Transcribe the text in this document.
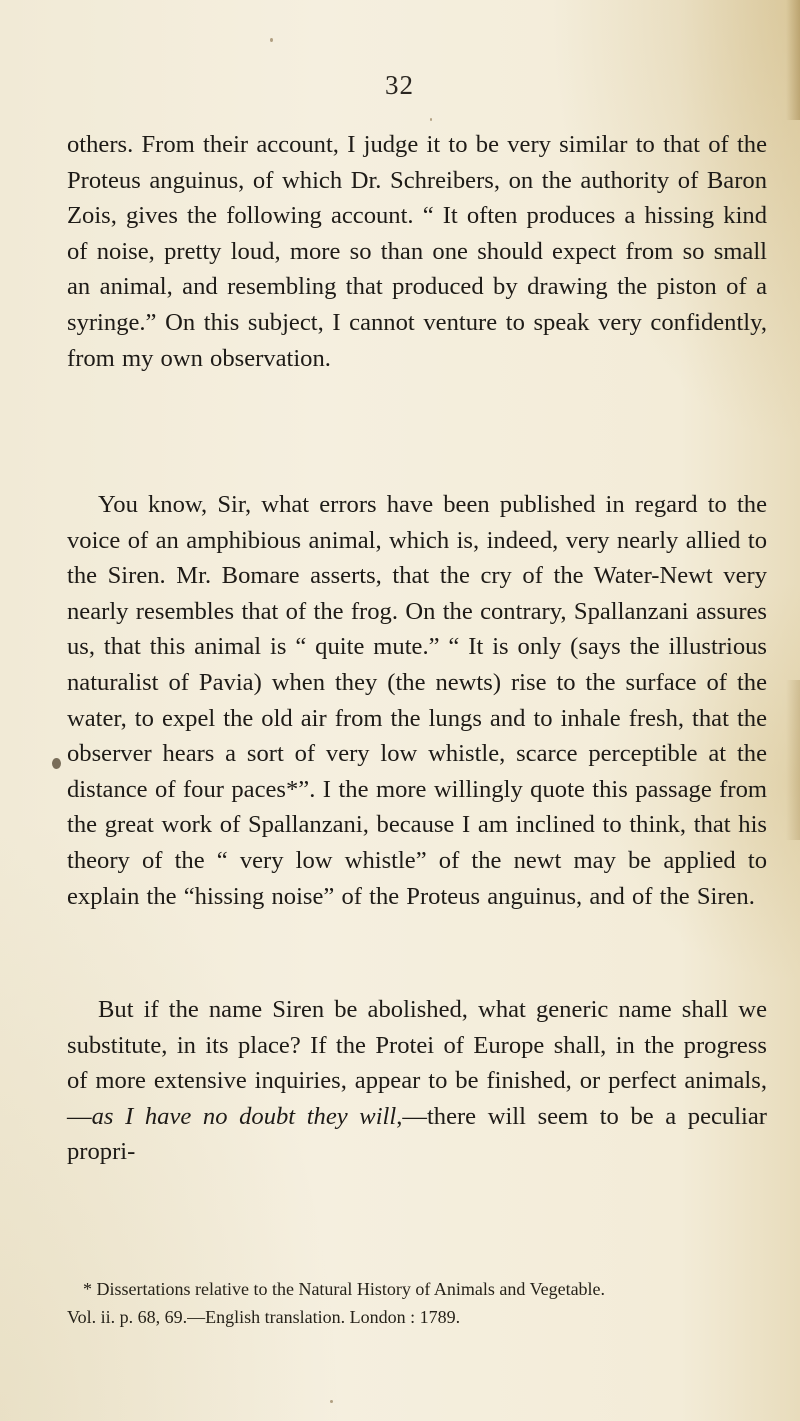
32

others. From their account, I judge it to be very similar to that of the Proteus anguinus, of which Dr. Schreibers, on the authority of Baron Zois, gives the following account. “ It often produces a hissing kind of noise, pretty loud, more so than one should expect from so small an animal, and resembling that produced by drawing the piston of a syringe.” On this subject, I cannot venture to speak very confidently, from my own observation.

You know, Sir, what errors have been published in regard to the voice of an amphibious animal, which is, indeed, very nearly allied to the Siren. Mr. Bomare asserts, that the cry of the Water-Newt very nearly resembles that of the frog. On the contrary, Spallanzani assures us, that this animal is “ quite mute.” “ It is only (says the illustrious naturalist of Pavia) when they (the newts) rise to the surface of the water, to expel the old air from the lungs and to inhale fresh, that the observer hears a sort of very low whistle, scarce perceptible at the distance of four paces*”. I the more willingly quote this passage from the great work of Spallanzani, because I am inclined to think, that his theory of the “ very low whistle” of the newt may be applied to explain the “hissing noise” of the Proteus anguinus, and of the Siren.

But if the name Siren be abolished, what generic name shall we substitute, in its place? If the Protei of Europe shall, in the progress of more extensive inquiries, appear to be finished, or perfect animals,—as I have no doubt they will,—there will seem to be a peculiar propri-

* Dissertations relative to the Natural History of Animals and Vegetable.
Vol. ii. p. 68, 69.—English translation. London : 1789.
